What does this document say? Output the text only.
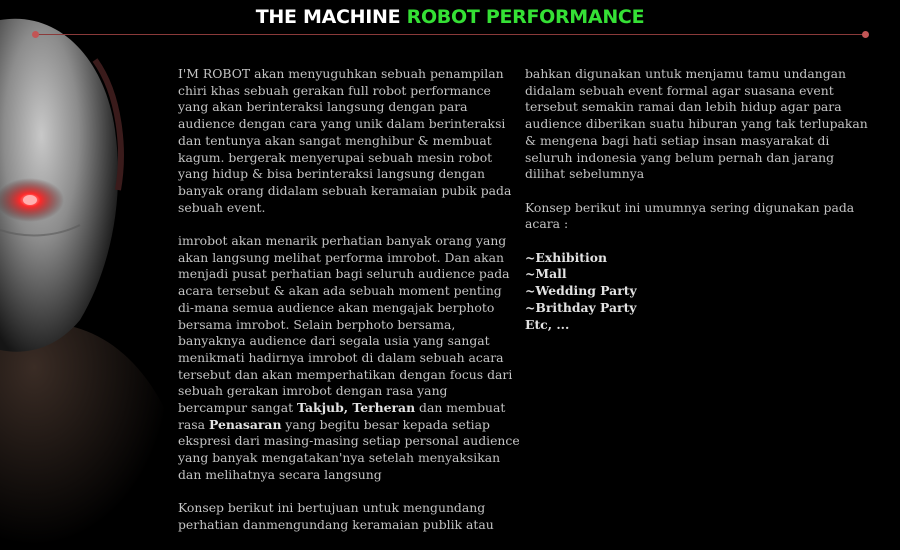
THE MACHINE ROBOT PERFORMANCE

I'M ROBOT akan menyuguhkan sebuah penampilan chiri khas sebuah gerakan full robot performance yang akan berinteraksi langsung dengan para audience dengan cara yang unik dalam berinteraksi dan tentunya akan sangat menghibur & membuat kagum. bergerak menyerupai sebuah mesin robot yang hidup & bisa berinteraksi langsung dengan banyak orang didalam sebuah keramaian pubik pada sebuah event.

imrobot akan menarik perhatian banyak orang yang akan langsung melihat performa imrobot. Dan akan menjadi pusat perhatian bagi seluruh audience pada acara tersebut & akan ada sebuah moment penting di-mana semua audience akan mengajak berphoto bersama imrobot. Selain berphoto bersama, banyaknya audience dari segala usia yang sangat menikmati hadirnya imrobot di dalam sebuah acara tersebut dan akan memperhatikan dengan focus dari sebuah gerakan imrobot dengan rasa yang bercampur sangat Takjub, Terheran dan membuat rasa Penasaran yang begitu besar kepada setiap ekspresi dari masing-masing setiap personal audience yang banyak mengatakan'nya setelah menyaksikan dan melihatnya secara langsung

Konsep berikut ini bertujuan untuk mengundang perhatian danmengundang keramaian publik atau

bahkan digunakan untuk menjamu tamu undangan didalam sebuah event formal agar suasana event tersebut semakin ramai dan lebih hidup agar para audience diberikan suatu hiburan yang tak terlupakan & mengena bagi hati setiap insan masyarakat di seluruh indonesia yang belum pernah dan jarang dilihat sebelumnya

Konsep berikut ini umumnya sering digunakan pada acara :

~Exhibition
~Mall
~Wedding Party
~Brithday Party
Etc, ...
